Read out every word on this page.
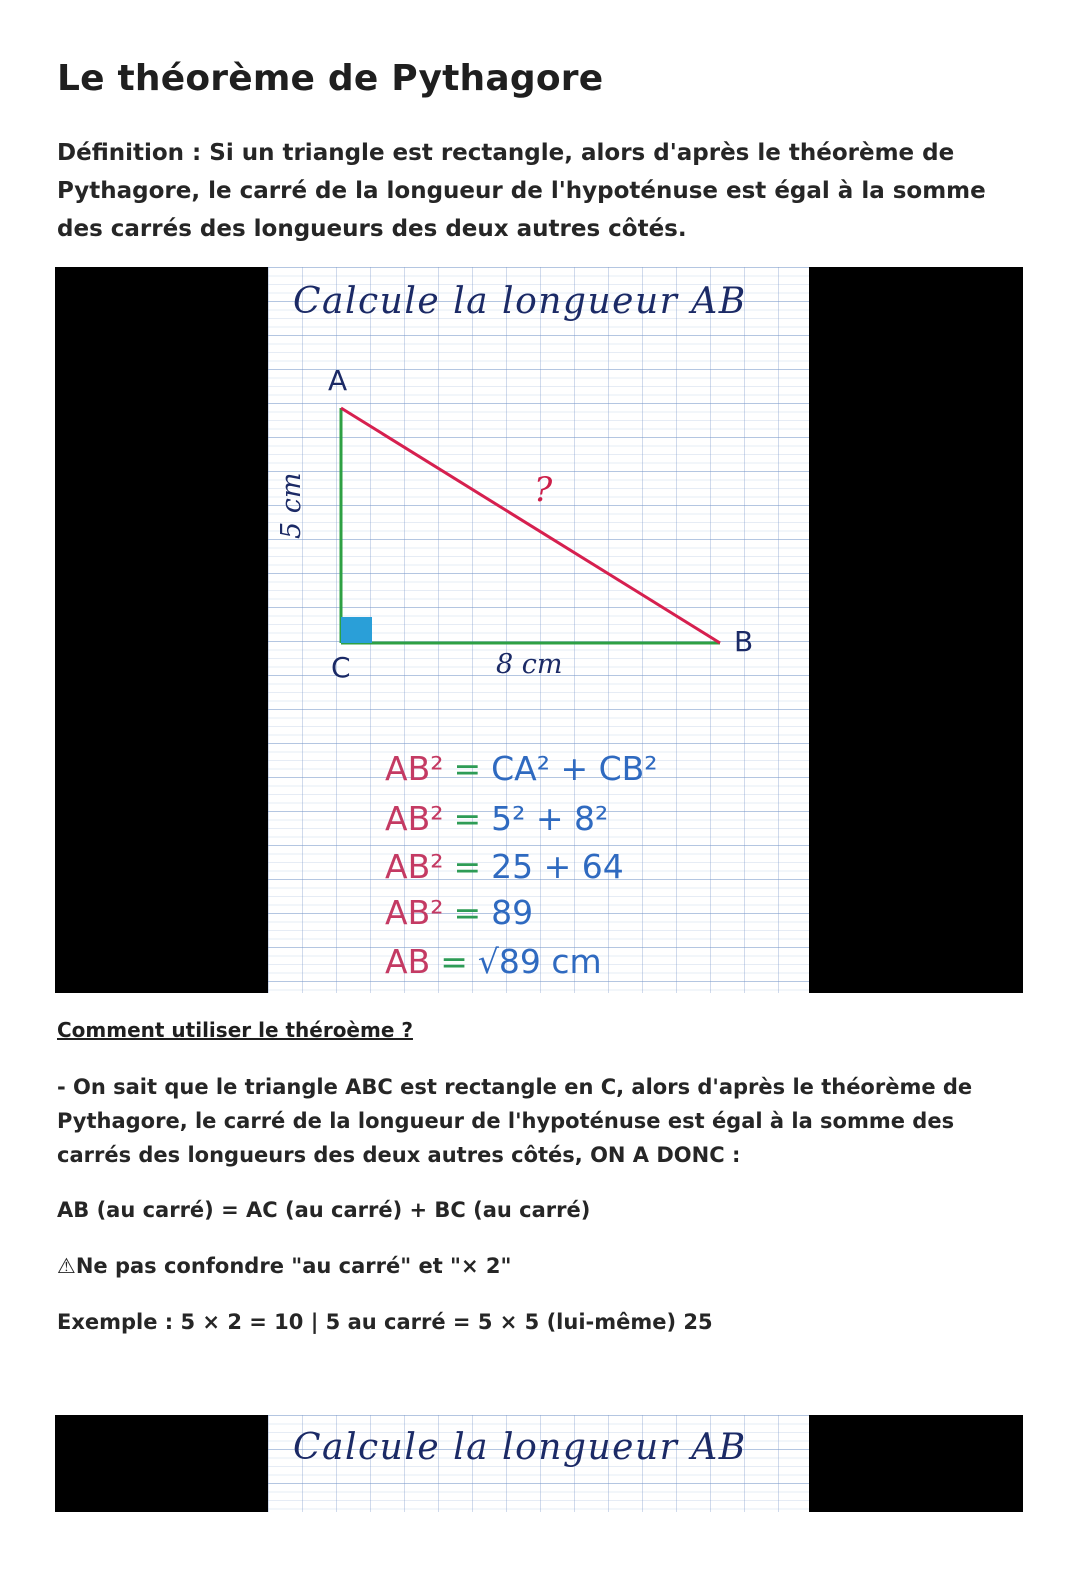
Le théorème de Pythagore

Définition : Si un triangle est rectangle, alors d'après le théorème de Pythagore, le carré de la longueur de l'hypoténuse est égal à la somme des carrés des longueurs des deux autres côtés.

Calcule la longueur AB
A
C
B
5 cm
8 cm
?
AB² = CA² + CB²
AB² = 5² + 8²
AB² = 25 + 64
AB² = 89
AB = √89 cm
Comment utiliser le théroème ?

- On sait que le triangle ABC est rectangle en C, alors d'après le théorème de Pythagore, le carré de la longueur de l'hypoténuse est égal à la somme des carrés des longueurs des deux autres côtés, ON A DONC :

AB (au carré) = AC (au carré) + BC (au carré)

⚠Ne pas confondre "au carré" et "× 2"

Exemple : 5 × 2 = 10 | 5 au carré = 5 × 5 (lui-même) 25

Calcule la longueur AB
